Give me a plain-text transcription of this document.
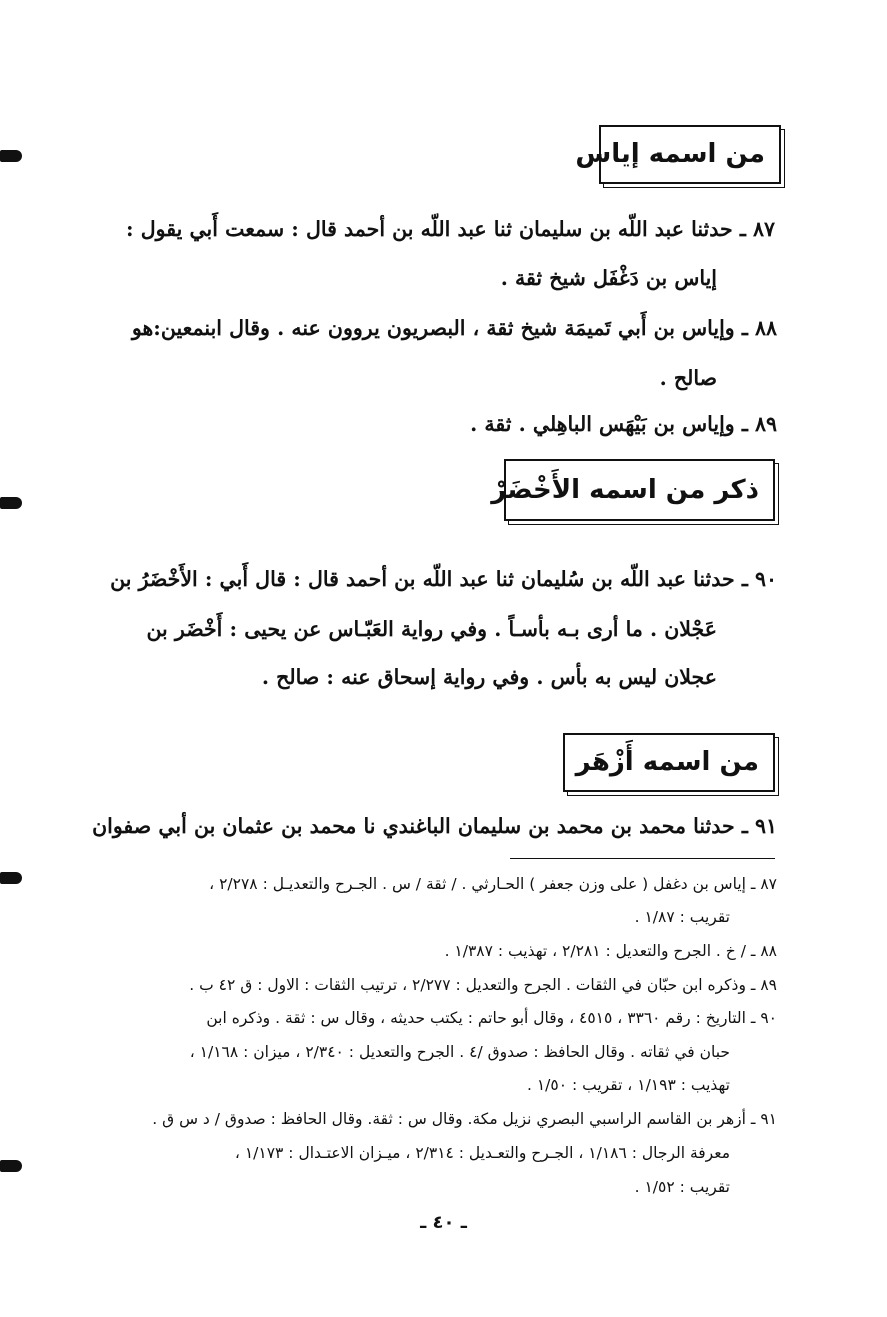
من اسمه إياس
٨٧ ـ حدثنا عبد اللّه بن سليمان ثنا عبد اللّه بن أحمد قال : سمعت أَبي يقول :
إياس بن دَغْفَل شيخ ثقة .
٨٨ ـ وإياس بن أَبي تَميمَة شيخ ثقة ، البصريون يروون عنه . وقال ابنمعين:هو
صالح .
٨٩ ـ وإياس بن بَيْهَس الباهِلي . ثقة .
ذكر من اسمه الأَخْضَرْ
٩٠ ـ حدثنا عبد اللّه بن سُليمان ثنا عبد اللّه بن أحمد قال : قال أَبي : الأَخْضَرُ بن
عَجْلان . ما أرى بـه بأسـاً . وفي رواية العَبّـاس عن يحيى : أَخْضَر بن
عجلان ليس به بأس . وفي رواية إسحاق عنه : صالح .
من اسمه أَزْهَر
٩١ ـ حدثنا محمد بن محمد بن سليمان الباغندي نا محمد بن عثمان بن أبي صفوان
٨٧ ـ إياس بن دغفل ( على وزن جعفر ) الحـارثي . / ثقة / س . الجـرح والتعديـل : ٢/٢٧٨ ،
تقريب : ١/٨٧ .
٨٨ ـ / خ . الجرح والتعديل : ٢/٢٨١ ، تهذيب : ١/٣٨٧ .
٨٩ ـ وذكره ابن حبّان في الثقات . الجرح والتعديل : ٢/٢٧٧ ، ترتيب الثقات : الاول : ق ٤٢ ب .
٩٠ ـ التاريخ : رقم ٣٣٦٠ ، ٤٥١٥ ، وقال أبو حاتم : يكتب حديثه ، وقال س : ثقة . وذكره ابن
حبان في ثقاته . وقال الحافظ : صدوق /٤ . الجرح والتعديل : ٢/٣٤٠ ، ميزان : ١/١٦٨ ،
تهذيب : ١/١٩٣ ، تقريب : ١/٥٠ .
٩١ ـ أزهر بن القاسم الراسبي البصري نزيل مكة. وقال س : ثقة. وقال الحافظ : صدوق / د س ق .
معرفة الرجال : ١/١٨٦ ، الجـرح والتعـديل : ٢/٣١٤ ، ميـزان الاعتـدال : ١/١٧٣ ،
تقريب : ١/٥٢ .
ـ ٤٠ ـ
